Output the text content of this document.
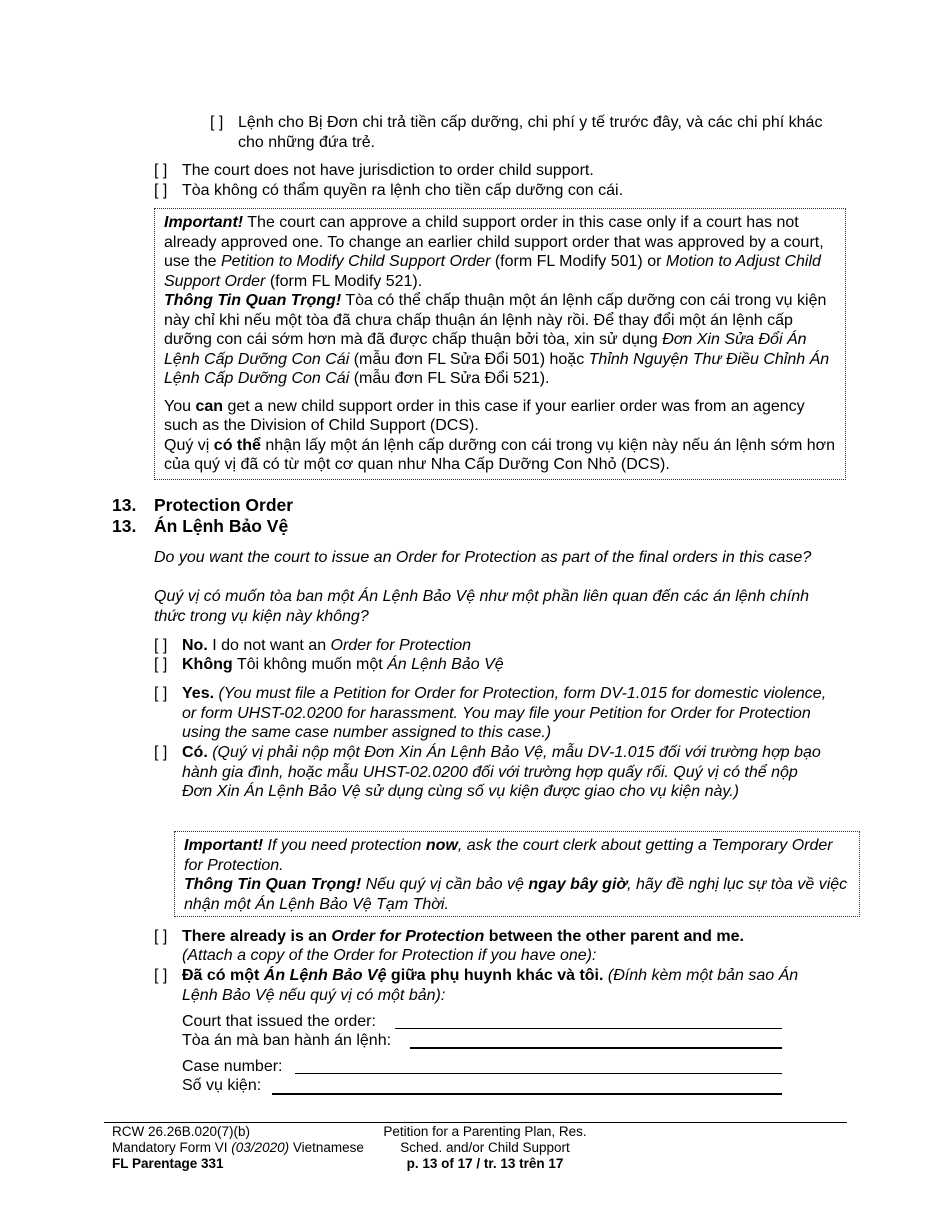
[ ] Lệnh cho Bị Đơn chi trả tiền cấp dưỡng, chi phí y tế trước đây, và các chi phí khác cho những đứa trẻ.
[ ] The court does not have jurisdiction to order child support.
[ ] Tòa không có thẩm quyền ra lệnh cho tiền cấp dưỡng con cái.

Important! The court can approve a child support order in this case only if a court has not already approved one. To change an earlier child support order that was approved by a court, use the Petition to Modify Child Support Order (form FL Modify 501) or Motion to Adjust Child Support Order (form FL Modify 521).

Thông Tin Quan Trọng! Tòa có thể chấp thuận một án lệnh cấp dưỡng con cái trong vụ kiện này chỉ khi nếu một tòa đã chưa chấp thuận án lệnh này rồi. Để thay đổi một án lệnh cấp dưỡng con cái sớm hơn mà đã được chấp thuận bởi tòa, xin sử dụng Đơn Xin Sửa Đổi Án Lệnh Cấp Dưỡng Con Cái (mẫu đơn FL Sửa Đổi 501) hoặc Thỉnh Nguyện Thư Điều Chỉnh Án Lệnh Cấp Dưỡng Con Cái (mẫu đơn FL Sửa Đổi 521).

You can get a new child support order in this case if your earlier order was from an agency such as the Division of Child Support (DCS).

Quý vị có thể nhận lấy một án lệnh cấp dưỡng con cái trong vụ kiện này nếu án lệnh sớm hơn của quý vị đã có từ một cơ quan như Nha Cấp Dưỡng Con Nhỏ (DCS).

13. Protection Order
13. Án Lệnh Bảo Vệ
Do you want the court to issue an Order for Protection as part of the final orders in this case?
Quý vị có muốn tòa ban một Án Lệnh Bảo Vệ như một phần liên quan đến các án lệnh chính thức trong vụ kiện này không?
[ ] No. I do not want an Order for Protection
[ ] Không Tôi không muốn một Án Lệnh Bảo Vệ
[ ] Yes. (You must file a Petition for Order for Protection, form DV-1.015 for domestic violence, or form UHST-02.0200 for harassment. You may file your Petition for Order for Protection using the same case number assigned to this case.)
[ ] Có. (Quý vị phải nộp một Đơn Xin Án Lệnh Bảo Vệ, mẫu DV-1.015 đối với trường hợp bạo hành gia đình, hoặc mẫu UHST-02.0200 đối với trường hợp quấy rối. Quý vị có thể nộp Đơn Xin Án Lệnh Bảo Vệ sử dụng cùng số vụ kiện được giao cho vụ kiện này.)

Important! If you need protection now, ask the court clerk about getting a Temporary Order for Protection.

Thông Tin Quan Trọng! Nếu quý vị cần bảo vệ ngay bây giờ, hãy đề nghị lục sự tòa về việc nhận một Án Lệnh Bảo Vệ Tạm Thời.

[ ] There already is an Order for Protection between the other parent and me.
(Attach a copy of the Order for Protection if you have one):
[ ] Đã có một Án Lệnh Bảo Vệ giữa phụ huynh khác và tôi. (Đính kèm một bản sao Án Lệnh Bảo Vệ nếu quý vị có một bản):
Court that issued the order:
Tòa án mà ban hành án lệnh:
Case number:
Số vụ kiện:
RCW 26.26B.020(7)(b)
Mandatory Form VI (03/2020) Vietnamese
FL Parentage 331
Petition for a Parenting Plan, Res.
Sched. and/or Child Support
p. 13 of 17 / tr. 13 trên 17
